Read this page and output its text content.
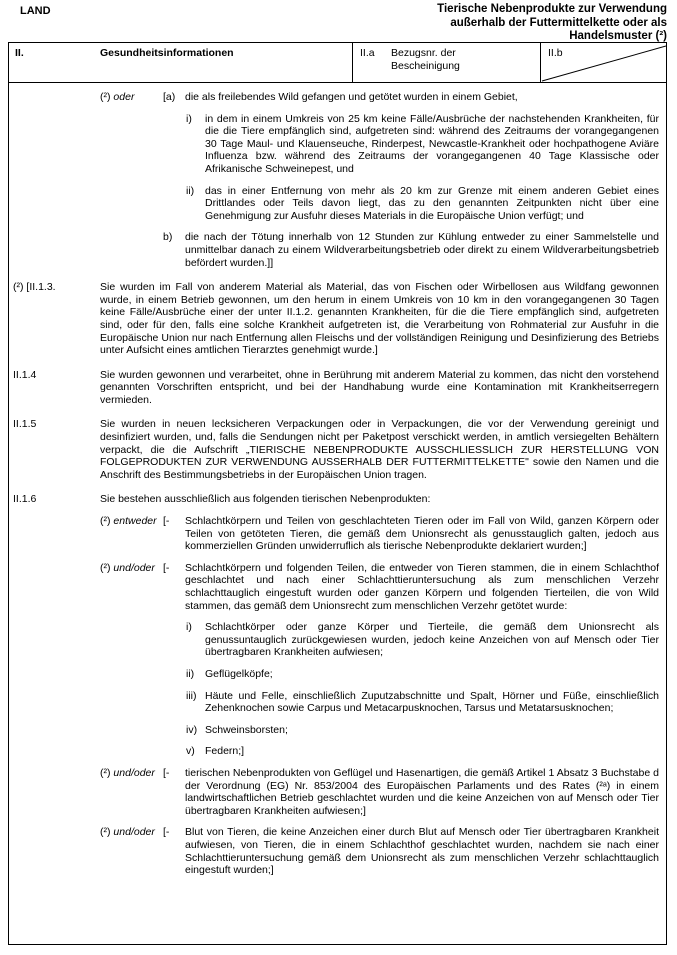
LAND	Tierische Nebenprodukte zur Verwendung
außerhalb der Futtermittelkette oder als
Handelsmuster (²)
II.	Gesundheitsinformationen	II.a	Bezugsnr. der Bescheinigung
II.b
(²) oder	[a) die als freilebendes Wild gefangen und getötet wurden in einem Gebiet,
i)	in dem in einem Umkreis von 25 km keine Fälle/Ausbrüche der nachstehenden Krankheiten, für die die Tiere empfänglich sind, aufgetreten sind: während des Zeitraums der vorangegangenen 30 Tage Maul- und Klauenseuche, Rinderpest, Newcastle-Krankheit oder hochpathogene Aviäre Influenza bzw. während des Zeitraums der vorangegangenen 40 Tage Klassische oder Afrikanische Schweinepest, und
ii)	das in einer Entfernung von mehr als 20 km zur Grenze mit einem anderen Gebiet eines Drittlandes oder Teils davon liegt, das zu den genannten Zeitpunkten nicht über eine Genehmigung zur Ausfuhr dieses Materials in die Europäische Union verfügt; und
b)	die nach der Tötung innerhalb von 12 Stunden zur Kühlung entweder zu einer Sammelstelle und unmittelbar danach zu einem Wildverarbeitungsbetrieb oder direkt zu einem Wildverarbeitungsbetrieb befördert wurden.]]
(²) [II.1.3.	Sie wurden im Fall von anderem Material als Material, das von Fischen oder Wirbellosen aus Wildfang gewonnen wurde, in einem Betrieb gewonnen, um den herum in einem Umkreis von 10 km in den vorangegangenen 30 Tagen keine Fälle/Ausbrüche einer der unter II.1.2. genannten Krankheiten, für die die Tiere empfänglich sind, aufgetreten sind, oder für den, falls eine solche Krankheit aufgetreten ist, die Verarbeitung von Rohmaterial zur Ausfuhr in die Europäische Union nur nach Entfernung allen Fleischs und der vollständigen Reinigung und Desinfizierung des Betriebs unter Aufsicht eines amtlichen Tierarztes genehmigt wurde.]
II.1.4	Sie wurden gewonnen und verarbeitet, ohne in Berührung mit anderem Material zu kommen, das nicht den vorstehend genannten Vorschriften entspricht, und bei der Handhabung wurde eine Kontamination mit Krankheitserregern vermieden.
II.1.5	Sie wurden in neuen lecksicheren Verpackungen oder in Verpackungen, die vor der Verwendung gereinigt und desinfiziert wurden, und, falls die Sendungen nicht per Paketpost verschickt werden, in amtlich versiegelten Behältern verpackt, die die Aufschrift „TIERISCHE NEBENPRODUKTE AUSSCHLIESSLICH ZUR HERSTELLUNG VON FOLGEPRODUKTEN ZUR VERWENDUNG AUSSERHALB DER FUTTERMITTELKETTE" sowie den Namen und die Anschrift des Bestimmungsbetriebs in der Europäischen Union tragen.
II.1.6	Sie bestehen ausschließlich aus folgenden tierischen Nebenprodukten:
(²) entweder [-	Schlachtkörpern und Teilen von geschlachteten Tieren oder im Fall von Wild, ganzen Körpern oder Teilen von getöteten Tieren, die gemäß dem Unionsrecht als genusstauglich galten, jedoch aus kommerziellen Gründen unwiderruflich als tierische Nebenprodukte deklariert wurden;]
(²) und/oder [-	Schlachtkörpern und folgenden Teilen, die entweder von Tieren stammen, die in einem Schlachthof geschlachtet und nach einer Schlachttieruntersuchung als zum menschlichen Verzehr schlachttauglich eingestuft wurden oder ganzen Körpern und folgenden Tierteilen, die von Wild stammen, das gemäß dem Unionsrecht zum menschlichen Verzehr getötet wurde:
i)	Schlachtkörper oder ganze Körper und Tierteile, die gemäß dem Unionsrecht als genussuntauglich zurückgewiesen wurden, jedoch keine Anzeichen von auf Mensch oder Tier übertragbaren Krankheiten aufwiesen;
ii)	Geflügelköpfe;
iii) Häute und Felle, einschließlich Zuputzabschnitte und Spalt, Hörner und Füße, einschließlich Zehenknochen sowie Carpus und Metacarpusknochen, Tarsus und Metatarsusknochen;
iv) Schweinsborsten;
v) Federn;]
(²) und/oder [-	tierischen Nebenprodukten von Geflügel und Hasenartigen, die gemäß Artikel 1 Absatz 3 Buchstabe d der Verordnung (EG) Nr. 853/2004 des Europäischen Parlaments und des Rates (²ᵃ) in einem landwirtschaftlichen Betrieb geschlachtet wurden und die keine Anzeichen von auf Mensch oder Tier übertragbaren Krankheiten aufwiesen;]
(²) und/oder [-	Blut von Tieren, die keine Anzeichen einer durch Blut auf Mensch oder Tier übertragbaren Krankheit aufwiesen, von Tieren, die in einem Schlachthof geschlachtet wurden, nachdem sie nach einer Schlachttieruntersuchung gemäß dem Unionsrecht als zum menschlichen Verzehr schlachttauglich eingestuft wurden;]
